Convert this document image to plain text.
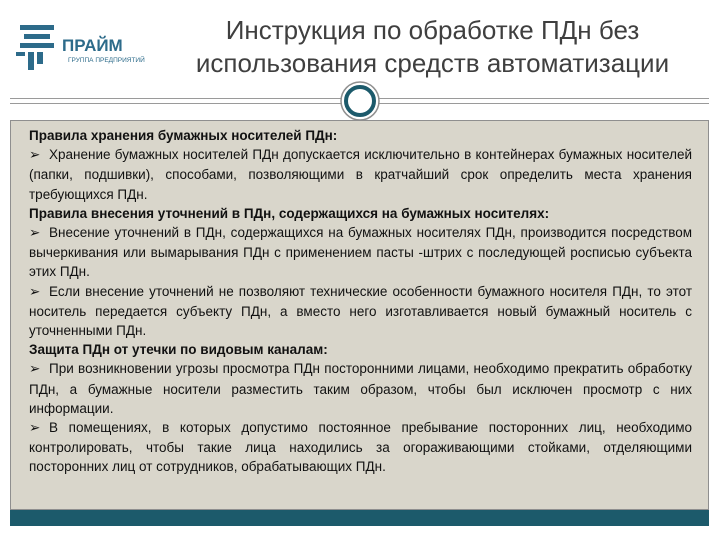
ПРАЙМ
ГРУППА ПРЕДПРИЯТИЙ
Инструкция по обработке ПДн без использования средств автоматизации

Правила хранения бумажных носителей ПДн:

➢ Хранение бумажных носителей ПДн допускается исключительно в контейнерах бумажных носителей (папки, подшивки), способами, позволяющими в кратчайший срок определить места хранения требующихся ПДн.

Правила внесения уточнений в ПДн, содержащихся на бумажных носителях:

➢ Внесение уточнений в ПДн, содержащихся на бумажных носителях ПДн, производится посредством вычеркивания или вымарывания ПДн с применением пасты -штрих с последующей росписью субъекта этих ПДн.

➢ Если внесение уточнений не позволяют технические особенности бумажного носителя ПДн, то этот носитель передается субъекту ПДн, а вместо него изготавливается новый бумажный носитель с уточненными ПДн.

Защита ПДн от утечки по видовым каналам:

➢ При возникновении угрозы просмотра ПДн посторонними лицами, необходимо прекратить обработку ПДн, а бумажные носители разместить таким образом, чтобы был исключен просмотр с них информации.

➢ В помещениях, в которых допустимо постоянное пребывание посторонних лиц, необходимо контролировать, чтобы такие лица находились за огораживающими стойками, отделяющими посторонних лиц от сотрудников, обрабатывающих ПДн.
